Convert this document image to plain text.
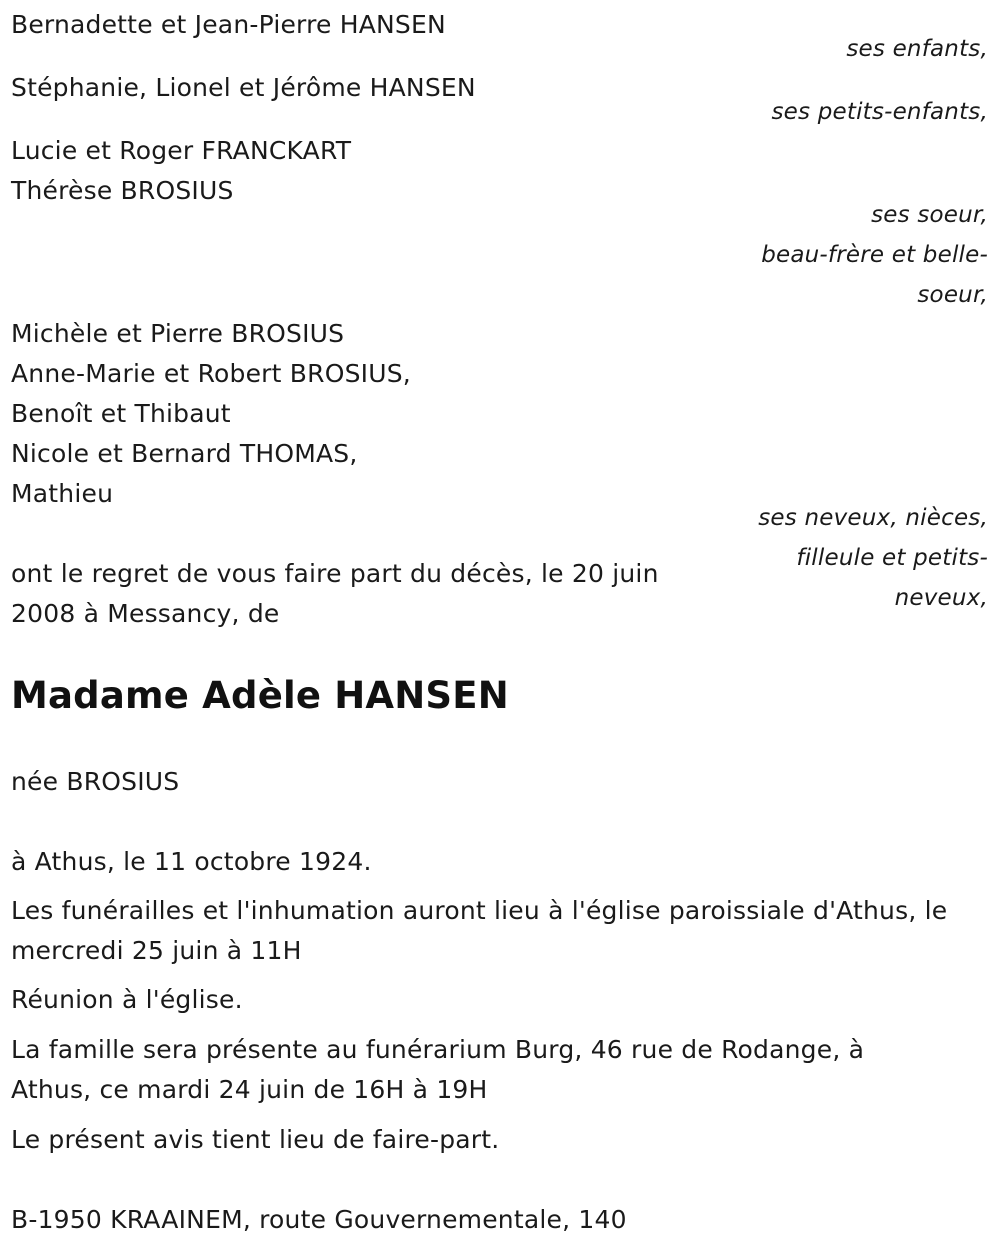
Bernadette et Jean-Pierre HANSEN
ses enfants,
Stéphanie, Lionel et Jérôme HANSEN
ses petits-enfants,
Lucie et Roger FRANCKART
Thérèse BROSIUS
ses soeur,
beau-frère et belle-
soeur,
Michèle et Pierre BROSIUS
Anne-Marie et Robert BROSIUS,
Benoît et Thibaut
Nicole et Bernard THOMAS,
Mathieu
ses neveux, nièces,
filleule et petits-
neveux,
ont le regret de vous faire part du décès, le 20 juin
2008 à Messancy, de
Madame Adèle HANSEN
née BROSIUS
à Athus, le 11 octobre 1924.
Les funérailles et l'inhumation auront lieu à l'église paroissiale d'Athus, le
mercredi 25 juin à 11H
Réunion à l'église.
La famille sera présente au funérarium Burg, 46 rue de Rodange, à
Athus, ce mardi 24 juin de 16H à 19H
Le présent avis tient lieu de faire-part.
B-1950 KRAAINEM, route Gouvernementale, 140
